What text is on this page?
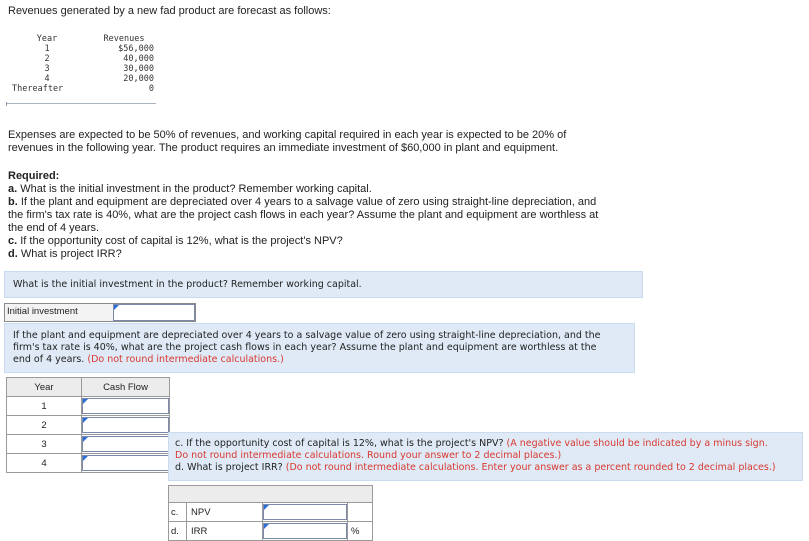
Revenues generated by a new fad product are forecast as follows:
Year	Revenues
1	$56,000
2	40,000
3	30,000
4	20,000
Thereafter	0
Expenses are expected to be 50% of revenues, and working capital required in each year is expected to be 20% of
revenues in the following year. The product requires an immediate investment of $60,000 in plant and equipment.
Required:
a. What is the initial investment in the product? Remember working capital.
b. If the plant and equipment are depreciated over 4 years to a salvage value of zero using straight-line depreciation, and
the firm's tax rate is 40%, what are the project cash flows in each year? Assume the plant and equipment are worthless at
the end of 4 years.
c. If the opportunity cost of capital is 12%, what is the project's NPV?
d. What is project IRR?
What is the initial investment in the product? Remember working capital.
Initial investment
If the plant and equipment are depreciated over 4 years to a salvage value of zero using straight-line depreciation, and the
firm's tax rate is 40%, what are the project cash flows in each year? Assume the plant and equipment are worthless at the
end of 4 years. (Do not round intermediate calculations.)
Year	Cash Flow
1	

2	

3	

4	
c. If the opportunity cost of capital is 12%, what is the project's NPV? (A negative value should be indicated by a minus sign.
Do not round intermediate calculations. Round your answer to 2 decimal places.)
d. What is project IRR? (Do not round intermediate calculations. Enter your answer as a percent rounded to 2 decimal places.)

c.	NPV	

d.	IRR		%
